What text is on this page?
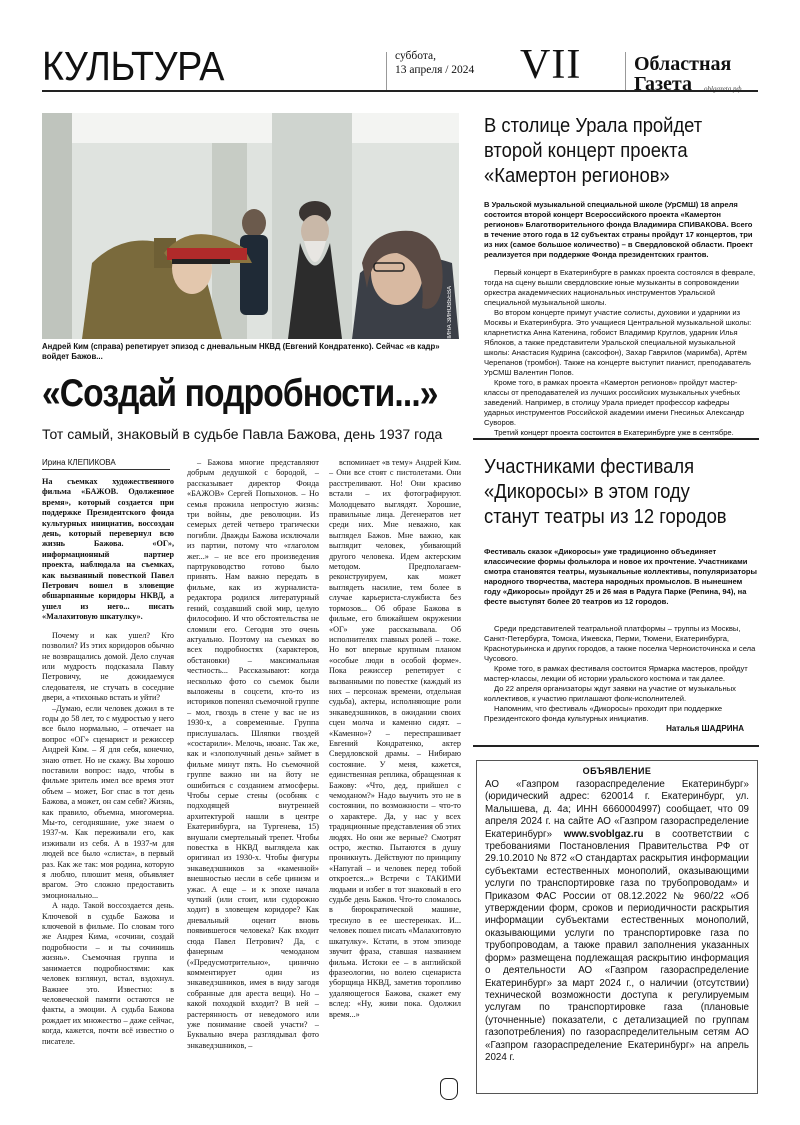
КУЛЬТУРА	суббота,
13 апреля / 2024 VII	Областная
Газета	oblgazeta.рф
ПОЛИНА ЗИНОВЬЕВА
Андрей Ким (справа) репетирует эпизод с дневальным НКВД (Евгений Кондратенко). Сейчас «в кадр» войдет Бажов...
«Создай подробности...»
Тот самый, знаковый в судьбе Павла Бажова, день 1937 года
Ирина КЛЕПИКОВА

На съемках художественного фильма «БАЖОВ. Одолженное время», который создается при поддержке Президентского фонда культурных инициатив, воссоздан день, который перевернул всю жизнь Бажова. «ОГ», информационный партнер проекта, наблюдала на съемках, как вызванный повесткой Павел Петрович вошел в зловещие обшарпанные коридоры НКВД, а ушел из него... писать «Малахитовую шкатулку».

Почему и как ушел? Кто позволил? Из этих коридоров обычно не возвращались домой. Дело случая или мудрость подсказала Павлу Петровичу, не дожидаемуся следователя, не стучать в соседние двери, а «тихонько встать и уйти?

–Думаю, если человек дожил в те годы до 58 лет, то с мудростью у него все было нормально, – отвечает на вопрос «ОГ» сценарист и режиссер Андрей Ким. – Я для себя, конечно, знаю ответ. Но не скажу. Вы хорошо поставили вопрос: надо, чтобы в фильме зритель имел все время этот объем – может, Бог спас в тот день Бажова, а может, он сам себя? Жизнь, как правило, объемна, многомерна. Мы-то, сегодняшние, уже знаем о 1937-м. Как переживали его, как изживали из себя. А в 1937-м для людей все было «слиста», в первый раз. Как же так: моя родина, которую я люблю, плюшит меня, объявляет врагом. Это сложно предоставить эмоционально...

А надо. Такой воссоздается день. Ключевой в судьбе Бажова и ключевой в фильме. По словам того же Андрея Кима, «сочини, создай подробности – и ты сочинишь жизнь». Съемочная группа и занимается подробностями: как человек взглянул, встал, вздохнул. Важнее это. Известно: в человеческой памяти остаются не факты, а эмоции. А судьба Бажова рождает их множество – даже сейчас, когда, кажется, почти всё известно о писателе.

– Бажова многие представляют добрым дедушкой с бородой, – рассказывает директор Фонда «БАЖОВ» Сергей Попыхонов. – Но семья прожила непростую жизнь: три войны, две революции. Из семерых детей четверо трагически погибли. Дважды Бажова исключали из партии, потому что «глаголом жег...» – не все его произведения партруководство готово было принять. Нам важно передать в фильме, как из журналиста-редактора родился литературный гений, создавший свой мир, целую философию. И что обстоятельства не сломили его. Сегодня это очень актуально. Поэтому на съемках во всех подробностях (характеров, обстановки) – максимальная честность... Рассказывают: когда несколько фото со съемок были выложены в соцсети, кто-то из историков попенял съемочной группе – мол, гвоздь в стене у вас не из 1930-х, а современные. Группа прислушалась. Шляпки гвоздей «состарили». Мелочь, нюанс. Так же, как и «злополучный день» займет в фильме минут пять. Но съемочной группе важно ни на йоту не ошибиться с созданием атмосферы. Чтобы серые стены (особняк с подходящей внутренней архитектурой нашли в центре Екатеринбурга, на Тургенева, 15) внушали смертельный трепет. Чтобы повестка в НКВД выглядела как оригинал из 1930-х. Чтобы фигуры энкаведэшников за «каменной» внешностью несли в себе цинизм и ужас. А еще – и к эпохе начала чуткий (или стоит, или судорожно ходит) в зловещем коридоре? Как дневальный оценит вновь появившегося человека? Как входит сюда Павел Петрович? Да, с фанерным чемоданом («Предусмотрительно», цинично комментирует один из энкаведэшников, имея в виду загодя собранные для ареста вещи). Но – какой походкой входит? В ней – растерянность от неведомого или уже понимание своей участи? – Буквально вчера разглядывал фото энкаведэшников, –

вспоминает «в тему» Андрей Ким. – Они все стоят с пистолетами. Они расстреливают. Но! Они красиво встали – их фотографируют. Молодцевато выглядят. Хорошие, правильные лица. Дегенератов нет среди них. Мне неважно, как выглядел Бажов. Мне важно, как выглядит человек, убивающий другого человека. Идем актерским методом. Предполагаем-реконструируем, как может выглядеть насилие, тем более в случае карьериста-службиста без тормозов... Об образе Бажова в фильме, его ближайшем окружении «ОГ» уже рассказывала. Об исполнителях главных ролей – тоже. Но вот впервые крупным планом «особые люди в особой форме». Пока режиссер репетирует с вызванными по повестке (каждый из них – персонаж времени, отдельная судьба), актеры, исполняющие роли энкаведэшников, в ожидании своих сцен молча и каменно сидят. – «Каменно»? – переспрашивает Евгений Кондратенко, актер Свердловской драмы. – Нибираю состояние. У меня, кажется, единственная реплика, обращенная к Бажову: «Что, дед, прийшел с чемоданом?» Надо выучить это не в состоянии, по возможности – что-то о характере. Да, у нас у всех традиционные представления об этих людях. Но они же верные? Смотрят остро, жестко. Пытаются в душу проникнуть. Действуют по принципу «Напугай – и человек перед тобой откроется...» Встречи с ТАКИМИ людьми и избег в тот знаковый в его судьбе день Бажов. Что-то сломалось в бюрократической машине, треснуло в ее шестеренках. И... человек пошел писать «Малахитовую шкатулку». Кстати, в этом эпизоде звучит фраза, ставшая названием фильма. Истоки ее – в английской фразеологии, но волею сценариста уборщица НКВД, заметив торопливо удаляющегося Бажова, скажет ему вслед: «Ну, живи пока. Одолжил время...»

В столице Урала пройдет второй концерт проекта «Камертон регионов»
В Уральской музыкальной специальной школе (УрСМШ) 18 апреля состоится второй концерт Всероссийского проекта «Камертон регионов» Благотворительного фонда Владимира СПИВАКОВА. Всего в течение этого года в 12 субъектах страны пройдут 17 концертов, три из них (самое большое количество) – в Свердловской области. Проект реализуется при поддержке Фонда президентских грантов.

Первый концерт в Екатеринбурге в рамках проекта состоялся в феврале, тогда на сцену вышли свердловские юные музыканты в сопровождении оркестра академических национальных инструментов Уральской специальной музыкальной школы.

Во втором концерте примут участие солисты, духовики и ударники из Москвы и Екатеринбурга. Это учащиеся Центральной музыкальной школы: кларнетистка Анна Катенина, гобоист Владимир Круглов, ударник Илья Яблоков, а также представители Уральской специальной музыкальной школы: Анастасия Кудрина (саксофон), Захар Гаврилов (маримба), Артём Черепанов (тромбон). Также на концерте выступит пианист, преподаватель УрСМШ Валентин Попов.

Кроме того, в рамках проекта «Камертон регионов» пройдут мастер-классы от преподавателей из лучших российских музыкальных учебных заведений. Например, в столицу Урала приедет профессор кафедры ударных инструментов Российской академии имени Гнесиных Александр Суворов.

Третий концерт проекта состоится в Екатеринбурге уже в сентябре.

Участниками фестиваля «Дикоросы» в этом году станут театры из 12 городов
Фестиваль сказок «Дикоросы» уже традиционно объединяет классические формы фольклора и новое их прочтение. Участниками смотра становятся театры, музыкальные коллективы, популяризаторы народного творчества, мастера народных промыслов. В нынешнем году «Дикоросы» пройдут 25 и 26 мая в Радуга Парке (Репина, 94), на фесте выступят более 20 театров из 12 городов.

Среди представителей театральной платформы – труппы из Москвы, Санкт-Петербурга, Томска, Ижевска, Перми, Тюмени, Екатеринбурга, Краснотурьинска и других городов, а также поселка Черноисточинска и села Чусового.

Кроме того, в рамках фестиваля состоится Ярмарка мастеров, пройдут мастер-классы, лекции об истории уральского костюма и так далее.

До 22 апреля организаторы ждут заявки на участие от музыкальных коллективов, к участию приглашают фолк-исполнителей.

Напомним, что фестиваль «Дикоросы» проходит при поддержке Президентского фонда культурных инициатив.

Наталья ШАДРИНА
ОБЪЯВЛЕНИЕ
АО «Газпром газораспределение Екатеринбург» (юридический адрес: 620014 г. Екатеринбург, ул. Малышева, д. 4а; ИНН 6660004997) сообщает, что 09 апреля 2024 г. на сайте АО «Газпром газораспределение Екатеринбург» www.svoblgaz.ru в соответствии с требованиями Постановления Правительства РФ от 29.10.2010 № 872 «О стандартах раскрытия информации субъектами естественных монополий, оказывающими услуги по транспортировке газа по трубопроводам» и Приказом ФАС России от 08.12.2022 № 960/22 «Об утверждении форм, сроков и периодичности раскрытия информации субъектами естественных монополий, оказывающими услуги по транспортировке газа по трубопроводам, а также правил заполнения указанных форм» размещена подлежащая раскрытию информация о деятельности АО «Газпром газораспределение Екатеринбург» за март 2024 г., о наличии (отсутствии) технической возможности доступа к регулируемым услугам по транспортировке газа (плановые (уточненные) показатели, с детализацией по группам газопотребления) по газораспределительным сетям АО «Газпром газораспределение Екатеринбург» на апрель 2024 г.
